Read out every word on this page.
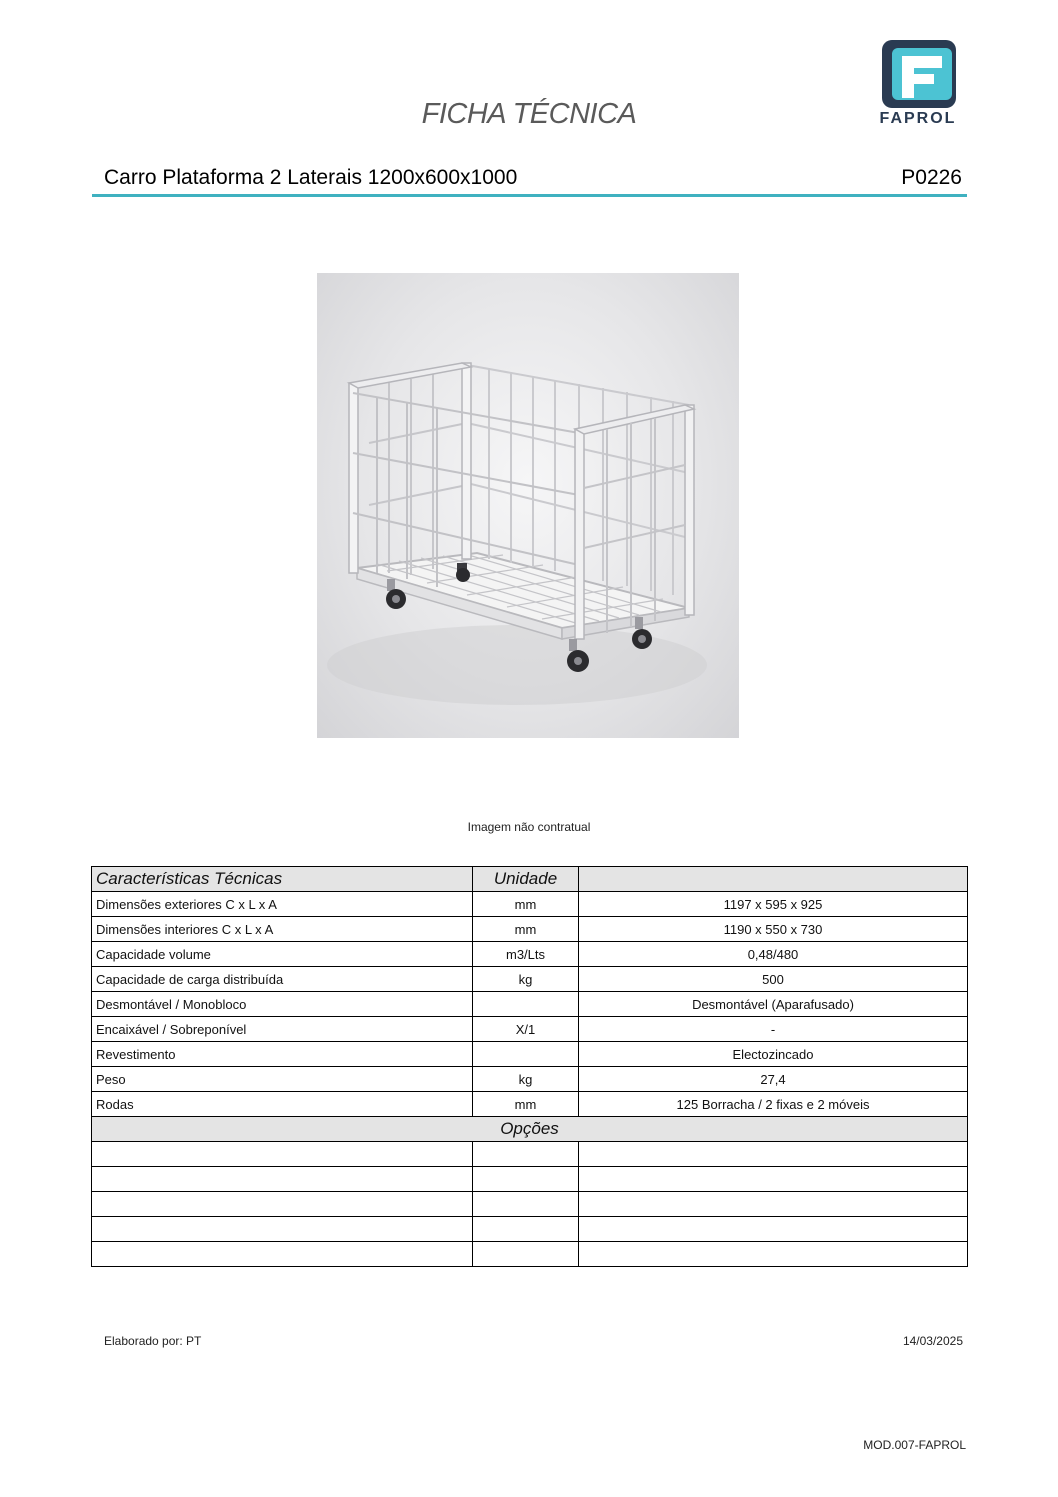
FICHA TÉCNICA	FAPROL
Carro Plataforma 2 Laterais 1200x600x1000	P0226
Imagem não contratual
Características Técnicas	Unidade	
Dimensões exteriores C x L x A	mm	1197 x 595 x 925
Dimensões interiores C x L x A	mm	1190 x 550 x 730
Capacidade volume	m3/Lts	0,48/480
Capacidade de carga distribuída	kg	500
Desmontável / Monobloco		Desmontável (Aparafusado)
Encaixável / Sobreponível	X/1	-
Revestimento		Electozincado
Peso	kg	27,4
Rodas	mm	125 Borracha / 2 fixas e 2 móveis
Opções		

Elaborado por: PT	14/03/2025
MOD.007-FAPROL
